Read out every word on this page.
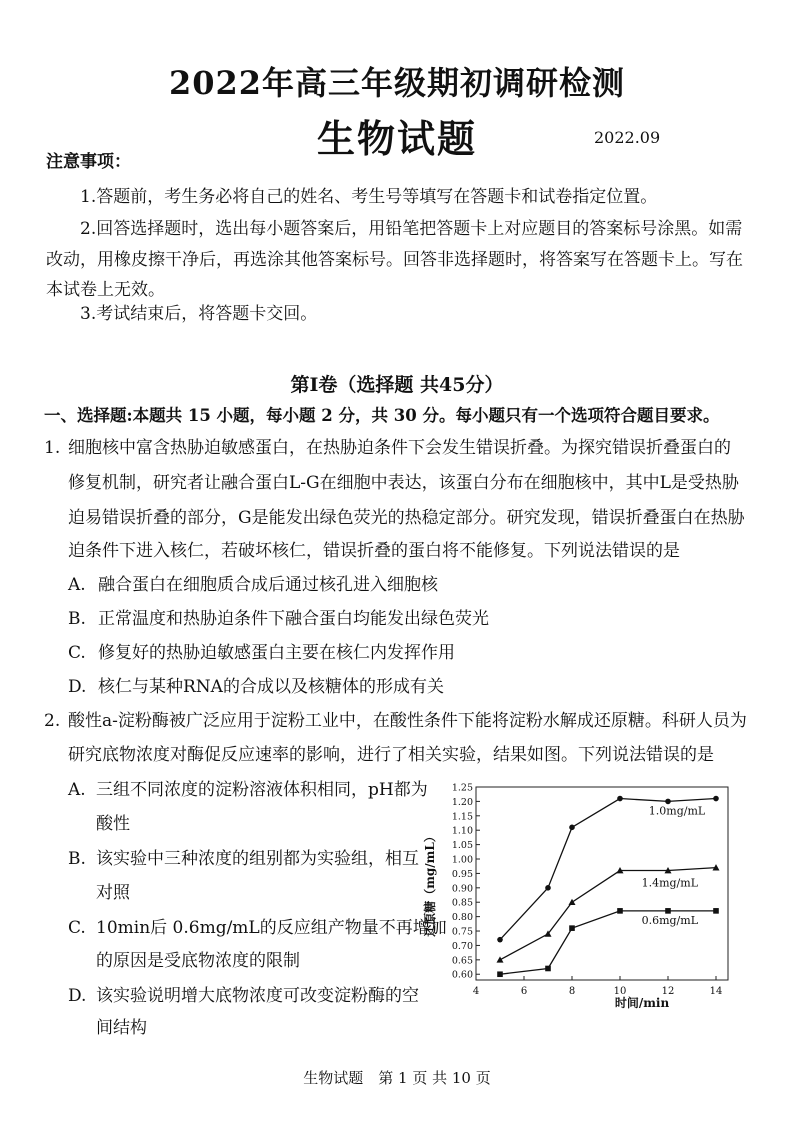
2022年高三年级期初调研检测
生物试题	2022.09
注意事项：
1.答题前，考生务必将自己的姓名、考生号等填写在答题卡和试卷指定位置。
2.回答选择题时，选出每小题答案后，用铅笔把答题卡上对应题目的答案标号涂黑。如需
改动，用橡皮擦干净后，再选涂其他答案标号。回答非选择题时，将答案写在答题卡上。写在
本试卷上无效。
3.考试结束后，将答题卡交回。
第Ⅰ卷（选择题 共45分）
一、选择题:本题共 15 小题，每小题 2 分，共 30 分。每小题只有一个选项符合题目要求。
1. 细胞核中富含热胁迫敏感蛋白，在热胁迫条件下会发生错误折叠。为探究错误折叠蛋白的
修复机制，研究者让融合蛋白L-G在细胞中表达，该蛋白分布在细胞核中，其中L是受热胁
迫易错误折叠的部分，G是能发出绿色荧光的热稳定部分。研究发现，错误折叠蛋白在热胁
迫条件下进入核仁，若破坏核仁，错误折叠的蛋白将不能修复。下列说法错误的是
A. 融合蛋白在细胞质合成后通过核孔进入细胞核
B. 正常温度和热胁迫条件下融合蛋白均能发出绿色荧光
C. 修复好的热胁迫敏感蛋白主要在核仁内发挥作用
D. 核仁与某种RNA的合成以及核糖体的形成有关
2. 酸性a-淀粉酶被广泛应用于淀粉工业中，在酸性条件下能将淀粉水解成还原糖。科研人员为
研究底物浓度对酶促反应速率的影响，进行了相关实验，结果如图。下列说法错误的是
A. 三组不同浓度的淀粉溶液体积相同，pH都为
酸性
B. 该实验中三种浓度的组别都为实验组，相互
对照
C. 10min后 0.6mg/mL的反应组产物量不再增加
的原因是受底物浓度的限制
D. 该实验说明增大底物浓度可改变淀粉酶的空
间结构
4	6	8	10	12	14
0.60
0.65
0.70
0.75
0.80
0.85
0.90
0.95
1.00
1.05
1.10
1.15
1.20
1.25
时间/min
还原糖（mg/mL）
1.0mg/mL
1.4mg/mL
0.6mg/mL
生物试题　第 1 页 共 10 页
